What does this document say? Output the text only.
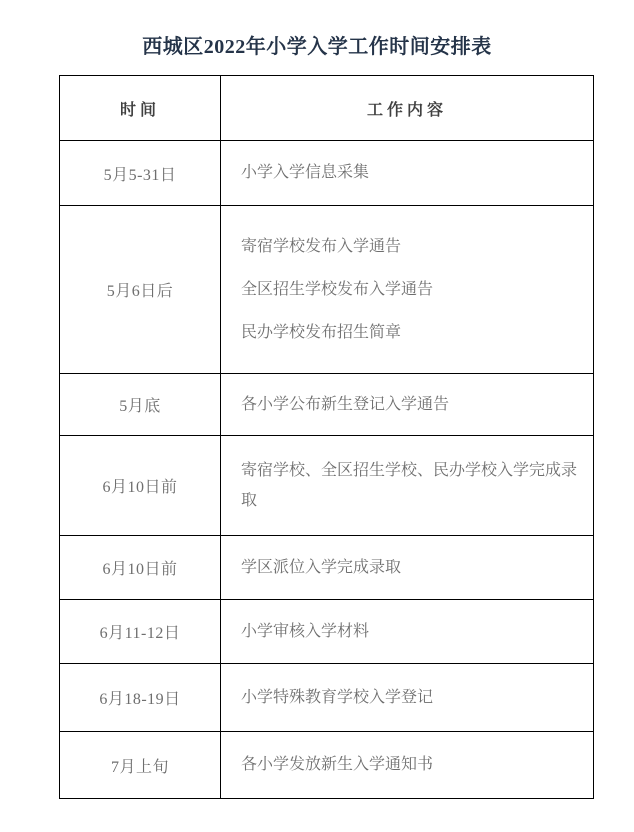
西城区2022年小学入学工作时间安排表
时间	工作内容
5月5-31日	小学入学信息采集

5月6日后	寄宿学校发布入学通告

全区招生学校发布入学通告

民办学校发布招生简章

5月底	各小学公布新生登记入学通告

6月10日前	寄宿学校、全区招生学校、民办学校入学完成录取

6月10日前	学区派位入学完成录取

6月11-12日	小学审核入学材料

6月18-19日	小学特殊教育学校入学登记

7月上旬	各小学发放新生入学通知书
